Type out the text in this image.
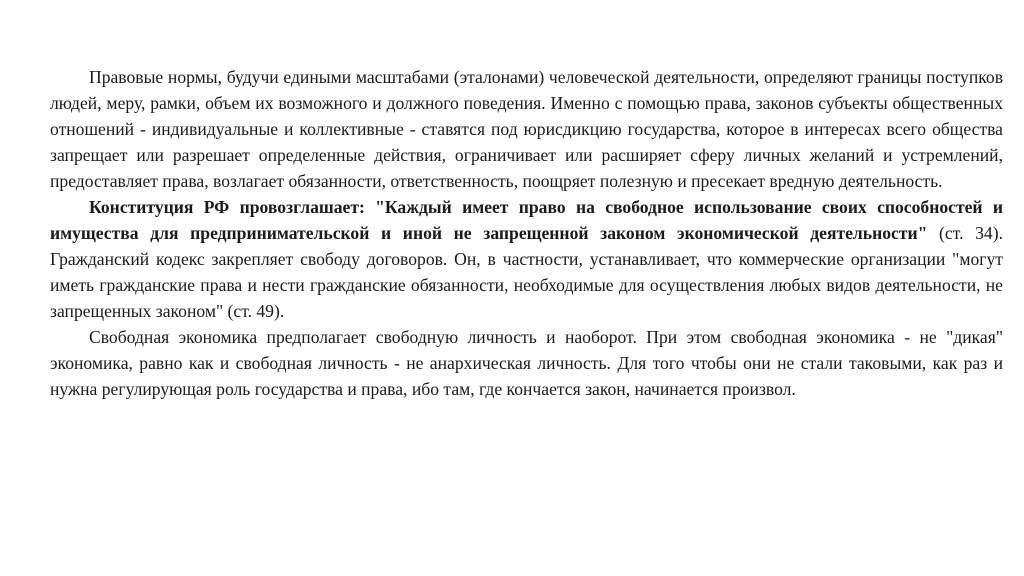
Правовые нормы, будучи едиными масштабами (эталонами) человеческой деятельности, определяют границы поступков людей, меру, рамки, объем их возможного и должного поведения. Именно с помощью права, законов субъекты общественных отношений - индивидуальные и коллективные - ставятся под юрисдикцию государства, которое в интересах всего общества запрещает или разрешает определенные действия, ограничивает или расширяет сферу личных желаний и устремлений, предоставляет права, возлагает обязанности, ответственность, поощряет полезную и пресекает вредную деятельность.

Конституция РФ провозглашает: "Каждый имеет право на свободное использование своих способностей и имущества для предпринимательской и иной не запрещенной законом экономической деятельности" (ст. 34). Гражданский кодекс закрепляет свободу договоров. Он, в частности, устанавливает, что коммерческие организации "могут иметь гражданские права и нести гражданские обязанности, необходимые для осуществления любых видов деятельности, не запрещенных законом" (ст. 49).

Свободная экономика предполагает свободную личность и наоборот. При этом свободная экономика - не "дикая" экономика, равно как и свободная личность - не анархическая личность. Для того чтобы они не стали таковыми, как раз и нужна регулирующая роль государства и права, ибо там, где кончается закон, начинается произвол.
